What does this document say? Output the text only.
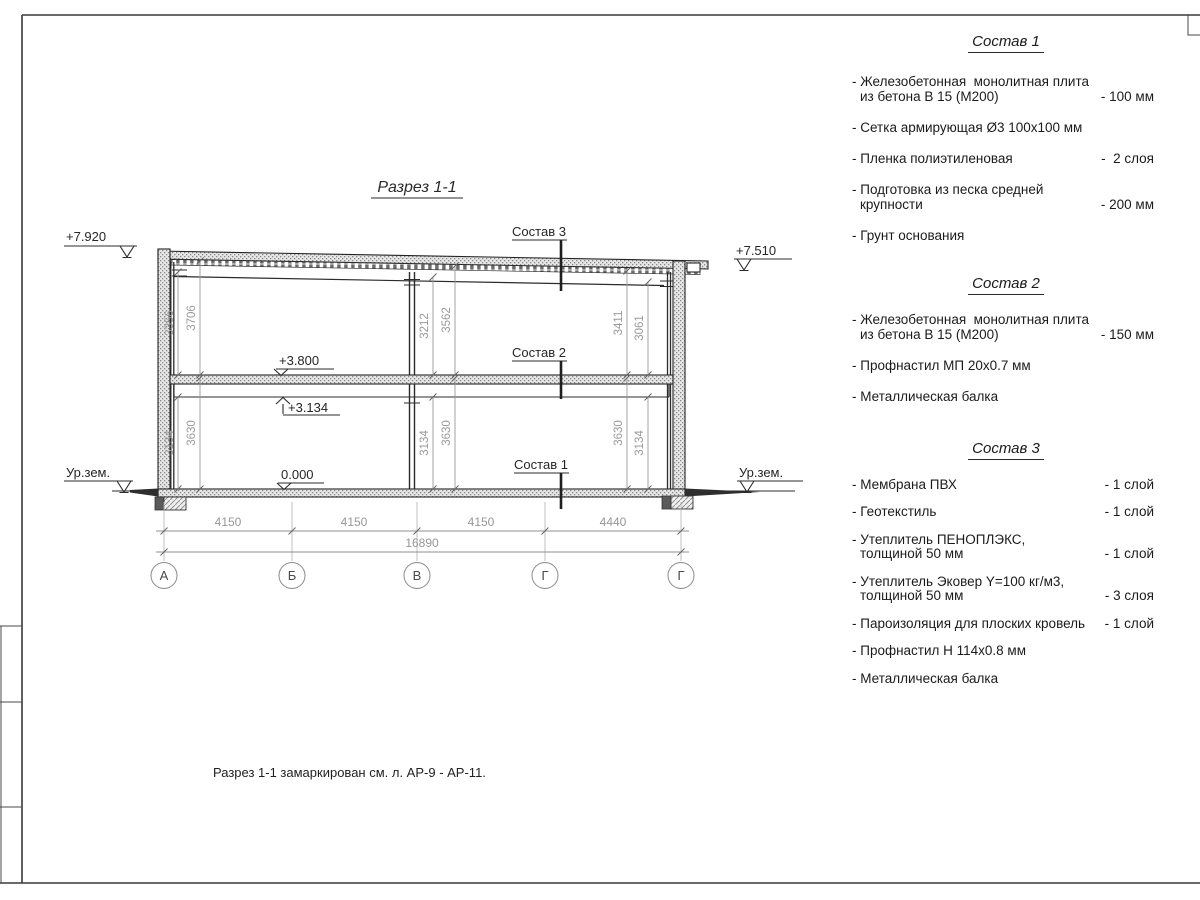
Разрез 1-1
3356 3706
3134 3630
3212 3562
3134 3630
3411 3061
3630 3134
4150	4150	4150	4440
16890
А	Б	В	Г	Г
+7.920
+7.510
Ур.зем.	Ур.зем.
+3.800
+3.134
0.000
Состав 3
Состав 2
Состав 1
Разрез 1-1 замаркирован см. л. АР-9 - АР-11.
Состав 1
- Железобетонная  монолитная плита
из бетона В 15 (М200)	- 100 мм
- Сетка армирующая Ø3 100х100 мм
- Пленка полиэтиленовая	-  2 слоя
- Подготовка из песка средней
крупности	- 200 мм
- Грунт основания
Состав 2
- Железобетонная  монолитная плита
из бетона В 15 (М200)	- 150 мм
- Профнастил МП 20х0.7 мм
- Металлическая балка
Состав 3
- Мембрана ПВХ	- 1 слой
- Геотекстиль	- 1 слой
- Утеплитель ПЕНОПЛЭКС,
толщиной 50 мм	- 1 слой
- Утеплитель Эковер Y=100 кг/м3,
толщиной 50 мм	- 3 слоя
- Пароизоляция для плоских кровель - 1 слой
- Профнастил Н 114х0.8 мм
- Металлическая балка
